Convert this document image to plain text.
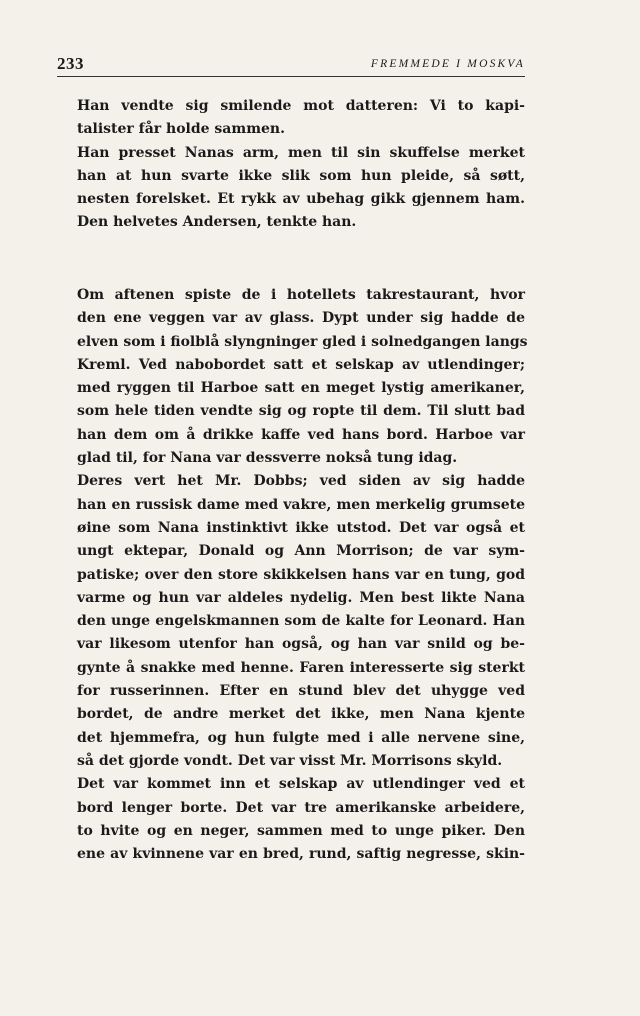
233	FREMMEDE I MOSKVA

Han vendte sig smilende mot datteren: Vi to kapi-
talister får holde sammen.

Han presset Nanas arm, men til sin skuffelse merket
han at hun svarte ikke slik som hun pleide, så søtt,
nesten forelsket. Et rykk av ubehag gikk gjennem ham.
Den helvetes Andersen, tenkte han.

Om aftenen spiste de i hotellets takrestaurant, hvor
den ene veggen var av glass. Dypt under sig hadde de
elven som i fiolblå slyngninger gled i solnedgangen langs
Kreml. Ved nabobordet satt et selskap av utlendinger;
med ryggen til Harboe satt en meget lystig amerikaner,
som hele tiden vendte sig og ropte til dem. Til slutt bad
han dem om å drikke kaffe ved hans bord. Harboe var
glad til, for Nana var dessverre nokså tung idag.

Deres vert het Mr. Dobbs; ved siden av sig hadde
han en russisk dame med vakre, men merkelig grumsete
øine som Nana instinktivt ikke utstod. Det var også et
ungt ektepar, Donald og Ann Morrison; de var sym-
patiske; over den store skikkelsen hans var en tung, god
varme og hun var aldeles nydelig. Men best likte Nana
den unge engelskmannen som de kalte for Leonard. Han
var likesom utenfor han også, og han var snild og be-
gynte å snakke med henne. Faren interesserte sig sterkt
for russerinnen. Efter en stund blev det uhygge ved
bordet, de andre merket det ikke, men Nana kjente
det hjemmefra, og hun fulgte med i alle nervene sine,
så det gjorde vondt. Det var visst Mr. Morrisons skyld.

Det var kommet inn et selskap av utlendinger ved et
bord lenger borte. Det var tre amerikanske arbeidere,
to hvite og en neger, sammen med to unge piker. Den
ene av kvinnene var en bred, rund, saftig negresse, skin-
